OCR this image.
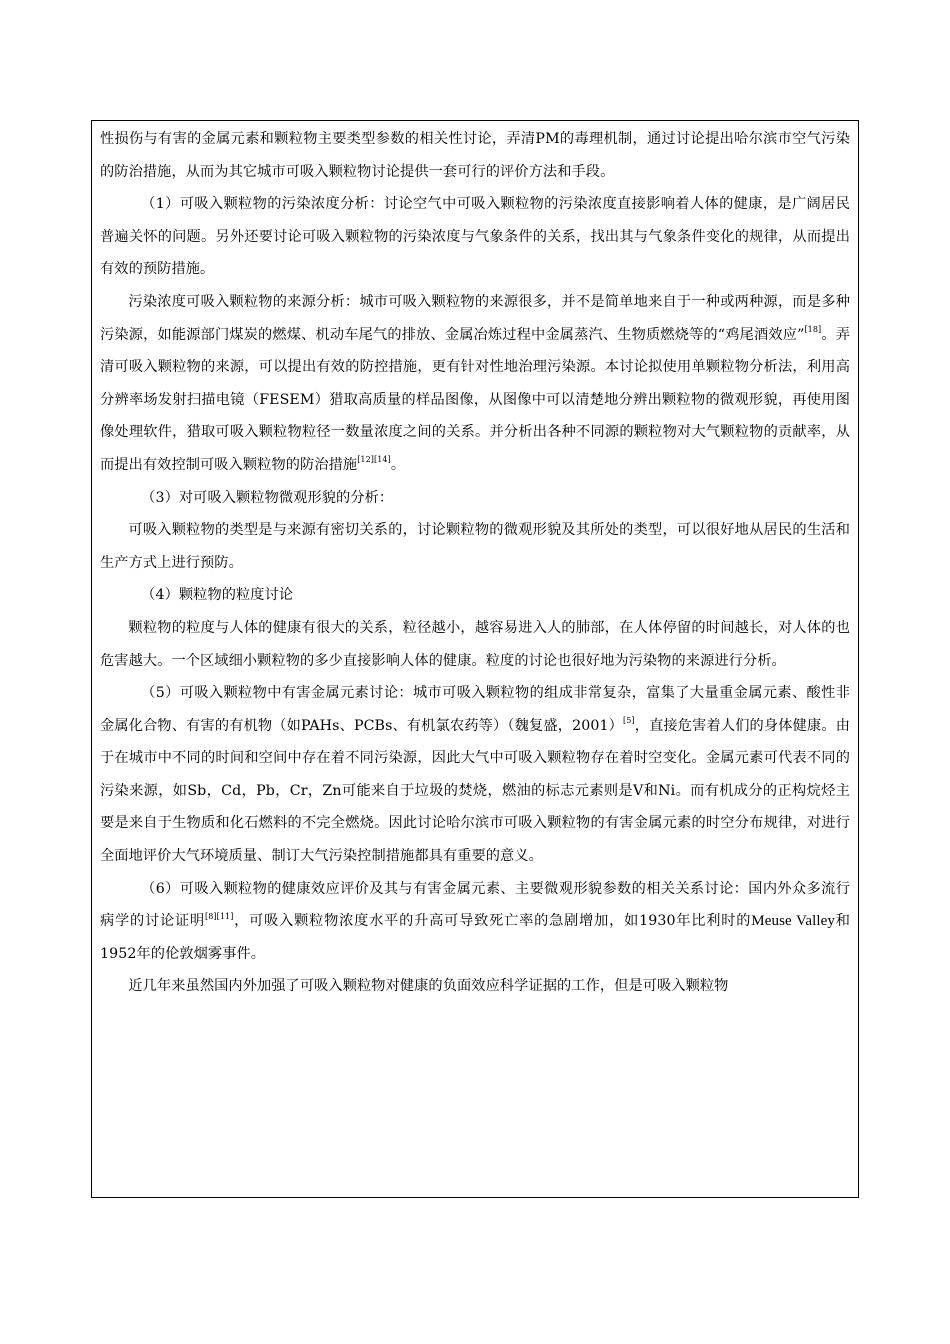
性损伤与有害的金属元素和颗粒物主要类型参数的相关性讨论，弄清PM的毒理机制，通过讨论提出哈尔滨市空气污染的防治措施，从而为其它城市可吸入颗粒物讨论提供一套可行的评价方法和手段。

（1）可吸入颗粒物的污染浓度分析：讨论空气中可吸入颗粒物的污染浓度直接影响着人体的健康，是广阔居民普遍关怀的问题。另外还要讨论可吸入颗粒物的污染浓度与气象条件的关系，找出其与气象条件变化的规律，从而提出有效的预防措施。

污染浓度可吸入颗粒物的来源分析：城市可吸入颗粒物的来源很多，并不是简单地来自于一种或两种源，而是多种污染源，如能源部门煤炭的燃煤、机动车尾气的排放、金属冶炼过程中金属蒸汽、生物质燃烧等的“鸡尾酒效应”[18]。弄清可吸入颗粒物的来源，可以提出有效的防控措施，更有针对性地治理污染源。本讨论拟使用单颗粒物分析法，利用高分辨率场发射扫描电镜（FESEM）猎取高质量的样品图像，从图像中可以清楚地分辨出颗粒物的微观形貌，再使用图像处理软件，猎取可吸入颗粒物粒径一数量浓度之间的关系。并分析出各种不同源的颗粒物对大气颗粒物的贡献率，从而提出有效控制可吸入颗粒物的防治措施[12][14]。

（3）对可吸入颗粒物微观形貌的分析：

可吸入颗粒物的类型是与来源有密切关系的，讨论颗粒物的微观形貌及其所处的类型，可以很好地从居民的生活和生产方式上进行预防。

（4）颗粒物的粒度讨论

颗粒物的粒度与人体的健康有很大的关系，粒径越小，越容易进入人的肺部，在人体停留的时间越长，对人体的也危害越大。一个区域细小颗粒物的多少直接影响人体的健康。粒度的讨论也很好地为污染物的来源进行分析。

（5）可吸入颗粒物中有害金属元素讨论：城市可吸入颗粒物的组成非常复杂，富集了大量重金属元素、酸性非金属化合物、有害的有机物（如PAHs、PCBs、有机氯农药等）（魏复盛，2001）[5]，直接危害着人们的身体健康。由于在城市中不同的时间和空间中存在着不同污染源，因此大气中可吸入颗粒物存在着时空变化。金属元素可代表不同的污染来源，如Sb，Cd，Pb，Cr，Zn可能来自于垃圾的焚烧，燃油的标志元素则是V和Ni。而有机成分的正构烷烃主要是来自于生物质和化石燃料的不完全燃烧。因此讨论哈尔滨市可吸入颗粒物的有害金属元素的时空分布规律，对进行全面地评价大气环境质量、制订大气污染控制措施都具有重要的意义。

（6）可吸入颗粒物的健康效应评价及其与有害金属元素、主要微观形貌参数的相关关系讨论：国内外众多流行病学的讨论证明[8][11]，可吸入颗粒物浓度水平的升高可导致死亡率的急剧增加，如1930年比利时的Meuse Valley和1952年的伦敦烟雾事件。

近几年来虽然国内外加强了可吸入颗粒物对健康的负面效应科学证据的工作，但是可吸入颗粒物
